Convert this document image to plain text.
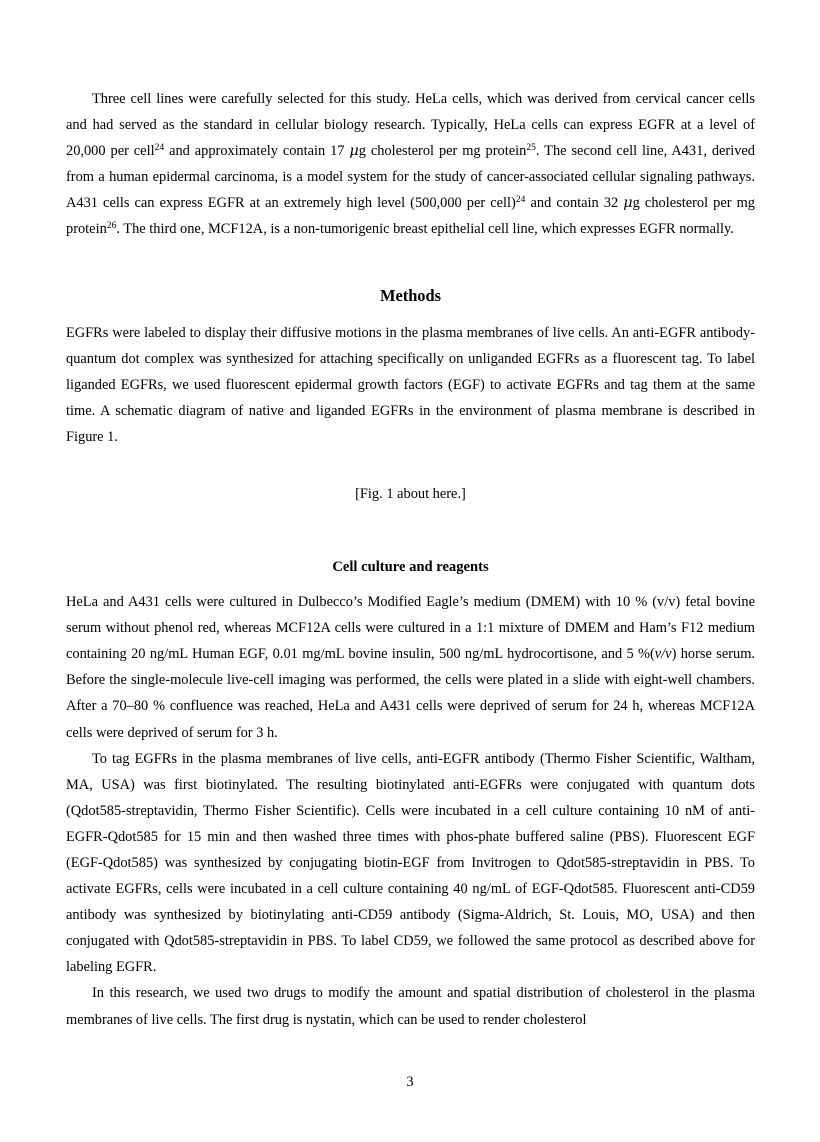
Three cell lines were carefully selected for this study. HeLa cells, which was derived from cervical cancer cells and had served as the standard in cellular biology research. Typically, HeLa cells can express EGFR at a level of 20,000 per cell$^{24}$ and approximately contain 17 μg cholesterol per mg protein$^{25}$. The second cell line, A431, derived from a human epidermal carcinoma, is a model system for the study of cancer-associated cellular signaling pathways. A431 cells can express EGFR at an extremely high level (500,000 per cell)$^{24}$ and contain 32 μg cholesterol per mg protein$^{26}$. The third one, MCF12A, is a non-tumorigenic breast epithelial cell line, which expresses EGFR normally.

Methods

EGFRs were labeled to display their diffusive motions in the plasma membranes of live cells. An anti-EGFR antibody-quantum dot complex was synthesized for attaching specifically on unliganded EGFRs as a fluorescent tag. To label liganded EGFRs, we used fluorescent epidermal growth factors (EGF) to activate EGFRs and tag them at the same time. A schematic diagram of native and liganded EGFRs in the environment of plasma membrane is described in Figure 1.

[Fig. 1 about here.]

Cell culture and reagents

HeLa and A431 cells were cultured in Dulbecco’s Modified Eagle’s medium (DMEM) with 10 % (v/v) fetal bovine serum without phenol red, whereas MCF12A cells were cultured in a 1:1 mixture of DMEM and Ham’s F12 medium containing 20 ng/mL Human EGF, 0.01 mg/mL bovine insulin, 500 ng/mL hydrocortisone, and 5 %(v/v) horse serum. Before the single-molecule live-cell imaging was performed, the cells were plated in a slide with eight-well chambers. After a 70–80 % confluence was reached, HeLa and A431 cells were deprived of serum for 24 h, whereas MCF12A cells were deprived of serum for 3 h.

To tag EGFRs in the plasma membranes of live cells, anti-EGFR antibody (Thermo Fisher Scientific, Waltham, MA, USA) was first biotinylated. The resulting biotinylated anti-EGFRs were conjugated with quantum dots (Qdot585-streptavidin, Thermo Fisher Scientific). Cells were incubated in a cell culture containing 10 nM of anti-EGFR-Qdot585 for 15 min and then washed three times with phos-phate buffered saline (PBS). Fluorescent EGF (EGF-Qdot585) was synthesized by conjugating biotin-EGF from Invitrogen to Qdot585-streptavidin in PBS. To activate EGFRs, cells were incubated in a cell culture containing 40 ng/mL of EGF-Qdot585. Fluorescent anti-CD59 antibody was synthesized by biotinylating anti-CD59 antibody (Sigma-Aldrich, St. Louis, MO, USA) and then conjugated with Qdot585-streptavidin in PBS. To label CD59, we followed the same protocol as described above for labeling EGFR.

In this research, we used two drugs to modify the amount and spatial distribution of cholesterol in the plasma membranes of live cells. The first drug is nystatin, which can be used to render cholesterol

3
